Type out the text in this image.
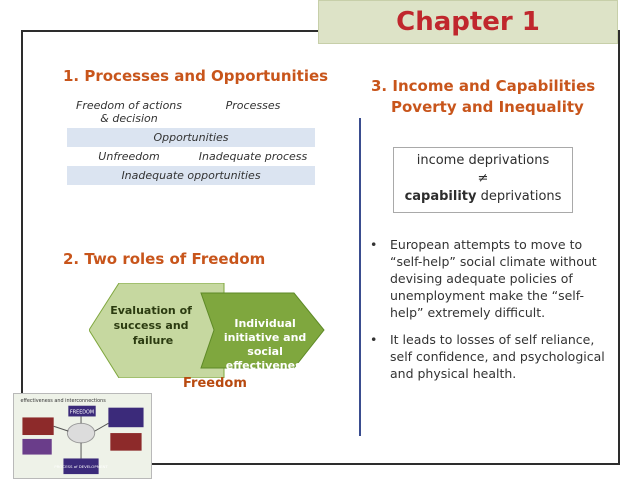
Chapter 1
1. Processes and Opportunities
Freedom of actions & decision	Processes
Opportunities	
Unfreedom	Inadequate process
Inadequate opportunities	
2. Two roles of Freedom
Evaluation of success and failure
Individual initiative and social effectiveness
Freedom
3. Income and Capabilities
Poverty and Inequality
income deprivations
≠
capability deprivations
•	European attempts to move to “self-help” social climate without devising adequate policies of unemployment make the “self-help” extremely difficult.
•	It leads to losses of self reliance, self confidence, and psychological and physical health.
effectiveness and interconnections
FREEDOM
PROCESS of DEVELOPMENT
